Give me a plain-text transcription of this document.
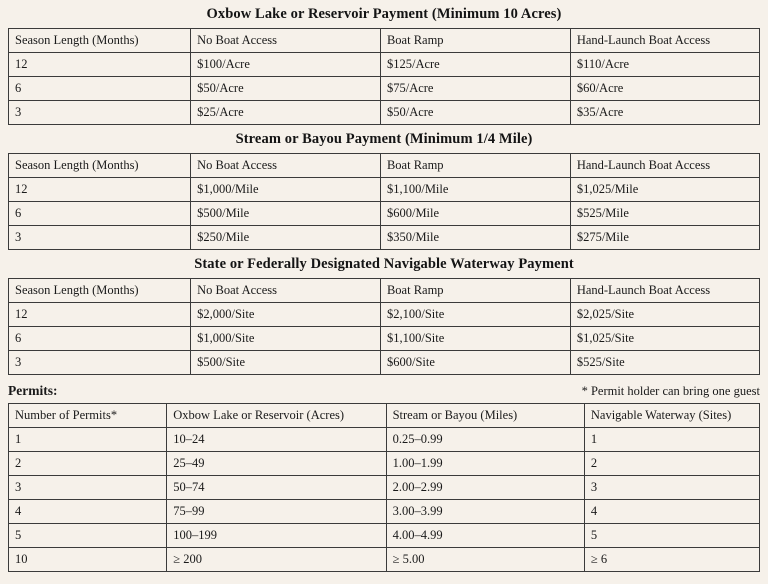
Oxbow Lake or Reservoir Payment (Minimum 10 Acres)
Season Length (Months)	No Boat Access	Boat Ramp	Hand-Launch Boat Access
12	$100/Acre	$125/Acre	$110/Acre
6	$50/Acre	$75/Acre	$60/Acre
3	$25/Acre	$50/Acre	$35/Acre
Stream or Bayou Payment (Minimum 1/4 Mile)
Season Length (Months)	No Boat Access	Boat Ramp	Hand-Launch Boat Access
12	$1,000/Mile	$1,100/Mile	$1,025/Mile
6	$500/Mile	$600/Mile	$525/Mile
3	$250/Mile	$350/Mile	$275/Mile
State or Federally Designated Navigable Waterway Payment
Season Length (Months)	No Boat Access	Boat Ramp	Hand-Launch Boat Access
12	$2,000/Site	$2,100/Site	$2,025/Site
6	$1,000/Site	$1,100/Site	$1,025/Site
3	$500/Site	$600/Site	$525/Site
Permits:	* Permit holder can bring one guest
Number of Permits*	Oxbow Lake or Reservoir (Acres)	Stream or Bayou (Miles)	Navigable Waterway (Sites)
1	10–24	0.25–0.99	1
2	25–49	1.00–1.99	2
3	50–74	2.00–2.99	3
4	75–99	3.00–3.99	4
5	100–199	4.00–4.99	5
10	≥ 200	≥ 5.00	≥ 6
